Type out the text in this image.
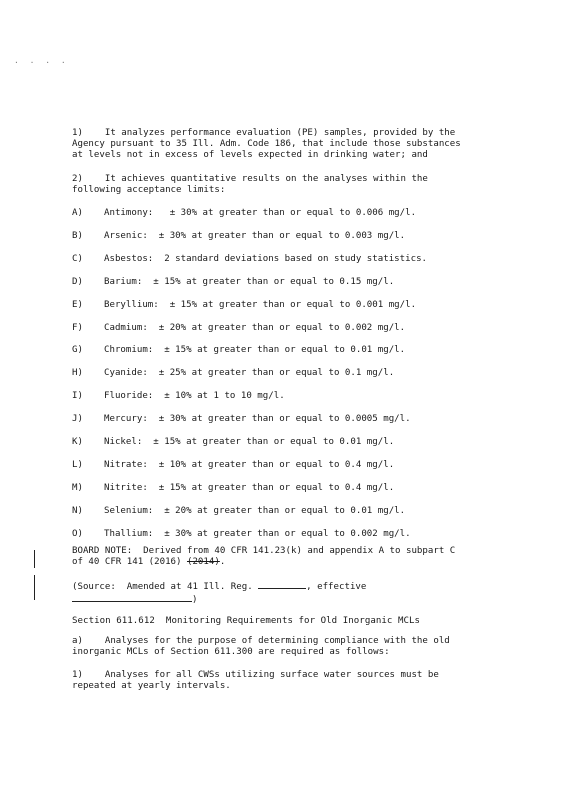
· · · ·
1)    It analyzes performance evaluation (PE) samples, provided by the
Agency pursuant to 35 Ill. Adm. Code 186, that include those substances
at levels not in excess of levels expected in drinking water; and
2)    It achieves quantitative results on the analyses within the
following acceptance limits:
A) Antimony:   ± 30% at greater than or equal to 0.006 mg/l.
B) Arsenic:  ± 30% at greater than or equal to 0.003 mg/l.
C) Asbestos:  2 standard deviations based on study statistics.
D) Barium:  ± 15% at greater than or equal to 0.15 mg/l.
E) Beryllium:  ± 15% at greater than or equal to 0.001 mg/l.
F) Cadmium:  ± 20% at greater than or equal to 0.002 mg/l.
G) Chromium:  ± 15% at greater than or equal to 0.01 mg/l.
H) Cyanide:  ± 25% at greater than or equal to 0.1 mg/l.
I) Fluoride:  ± 10% at 1 to 10 mg/l.
J) Mercury:  ± 30% at greater than or equal to 0.0005 mg/l.
K) Nickel:  ± 15% at greater than or equal to 0.01 mg/l.
L) Nitrate:  ± 10% at greater than or equal to 0.4 mg/l.
M) Nitrite:  ± 15% at greater than or equal to 0.4 mg/l.
N) Selenium:  ± 20% at greater than or equal to 0.01 mg/l.
O) Thallium:  ± 30% at greater than or equal to 0.002 mg/l.
BOARD NOTE:  Derived from 40 CFR 141.23(k) and appendix A to subpart C
of 40 CFR 141 (2016) (2014).
(Source:  Amended at 41 Ill. Reg.	, effective
)
Section 611.612  Monitoring Requirements for Old Inorganic MCLs
a)    Analyses for the purpose of determining compliance with the old
inorganic MCLs of Section 611.300 are required as follows:
1)    Analyses for all CWSs utilizing surface water sources must be
repeated at yearly intervals.
